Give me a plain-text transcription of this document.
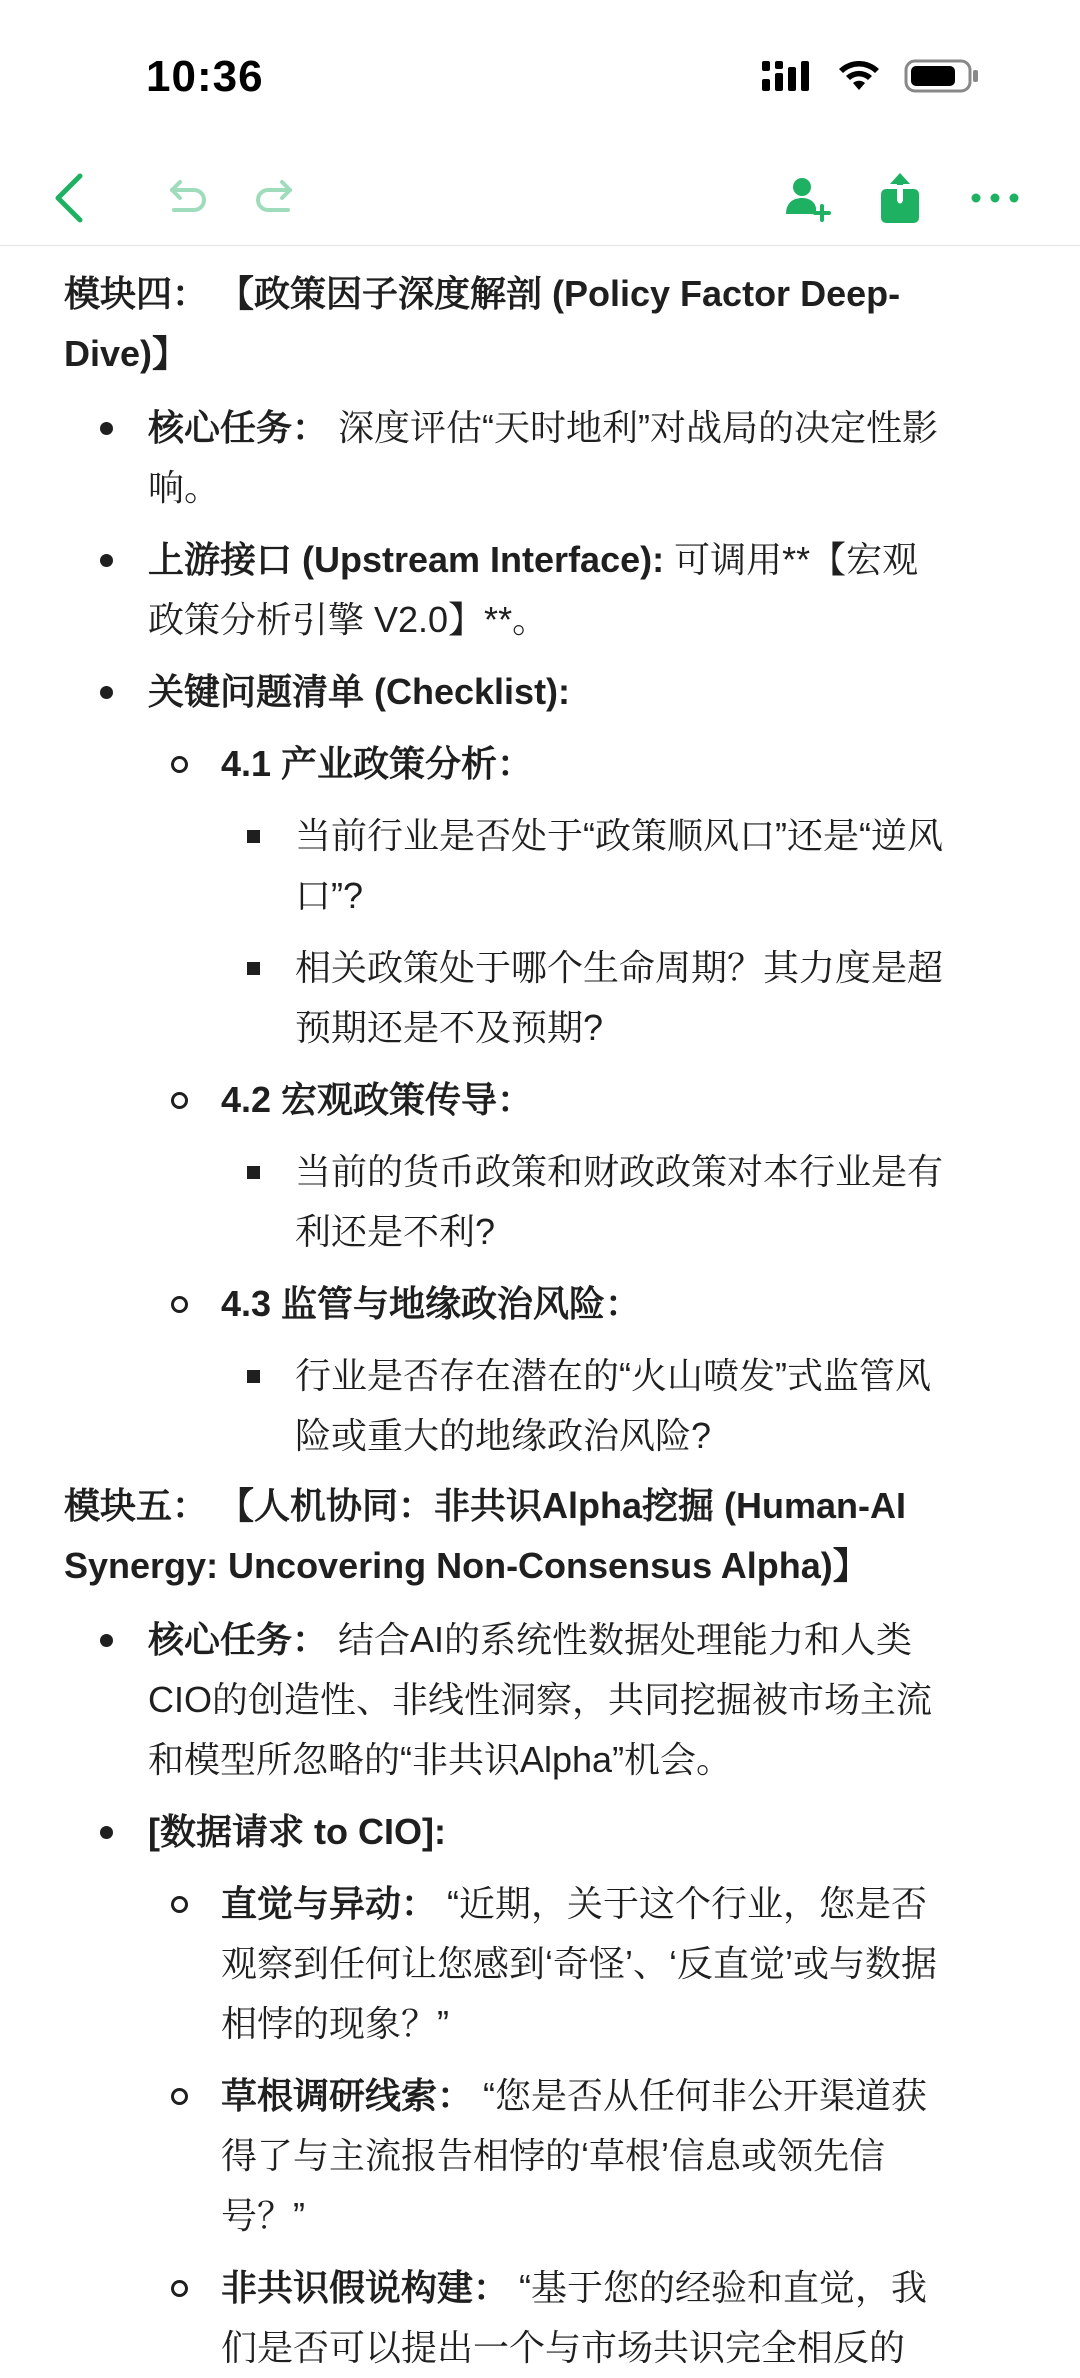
10:36
模块四： 【政策因子深度解剖 (Policy Factor Deep-
Dive)】
核心任务： 深度评估“天时地利”对战局的决定性影
响。
上游接口 (Upstream Interface): 可调用**【宏观
政策分析引擎 V2.0】**。
关键问题清单 (Checklist):
4.1 产业政策分析：
当前行业是否处于“政策顺风口”还是“逆风
口”?
相关政策处于哪个生命周期？其力度是超
预期还是不及预期?
4.2 宏观政策传导：
当前的货币政策和财政政策对本行业是有
利还是不利?
4.3 监管与地缘政治风险：
行业是否存在潜在的“火山喷发”式监管风
险或重大的地缘政治风险?
模块五： 【人机协同：非共识Alpha挖掘 (Human-AI
Synergy: Uncovering Non-Consensus Alpha)】
核心任务： 结合AI的系统性数据处理能力和人类
CIO的创造性、非线性洞察，共同挖掘被市场主流
和模型所忽略的“非共识Alpha”机会。
[数据请求 to CIO]:
直觉与异动： “近期，关于这个行业，您是否
观察到任何让您感到‘奇怪’、‘反直觉’或与数据
相悖的现象？”
草根调研线索： “您是否从任何非公开渠道获
得了与主流报告相悖的‘草根’信息或领先信
号？”
非共识假说构建： “基于您的经验和直觉，我
们是否可以提出一个与市场共识完全相反的
